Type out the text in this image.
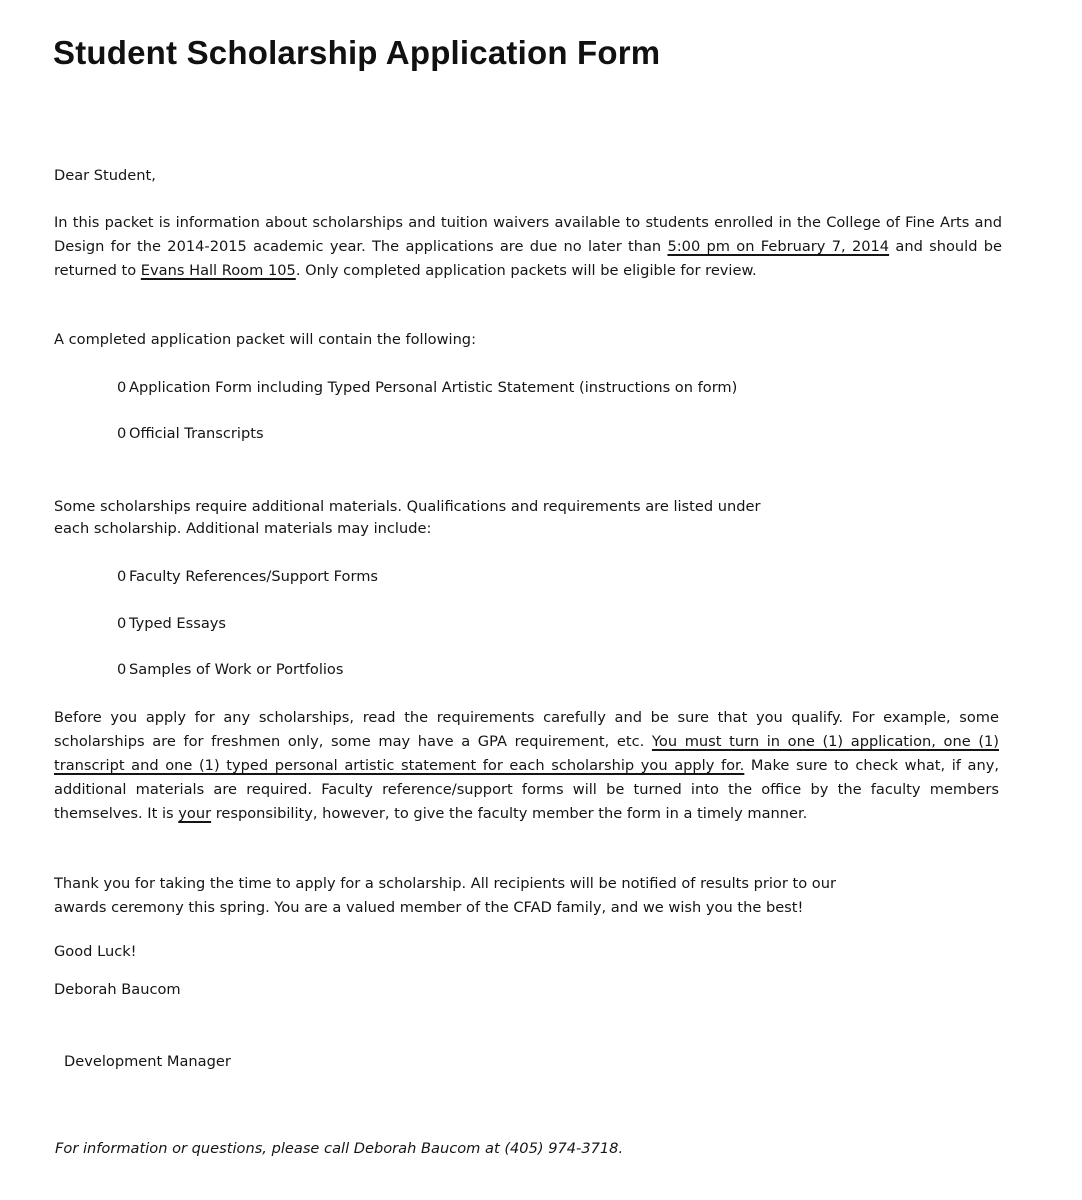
Student Scholarship Application Form

Dear Student,

In this packet is information about scholarships and tuition waivers available to students enrolled in the College of Fine Arts and Design for the 2014-2015 academic year. The applications are due no later than 5:00 pm on February 7, 2014 and should be returned to Evans Hall Room 105. Only completed application packets will be eligible for review.

A completed application packet will contain the following:

0 Application Form including Typed Personal Artistic Statement (instructions on form)
0 Official Transcripts

Some scholarships require additional materials. Qualifications and requirements are listed under

each scholarship. Additional materials may include:

0 Faculty References/Support Forms
0 Typed Essays
0 Samples of Work or Portfolios

Before you apply for any scholarships, read the requirements carefully and be sure that you qualify. For example, some scholarships are for freshmen only, some may have a GPA requirement, etc. You must turn in one (1) application, one (1) transcript and one (1) typed personal artistic statement for each scholarship you apply for. Make sure to check what, if any, additional materials are required. Faculty reference/support forms will be turned into the office by the faculty members themselves. It is your responsibility, however, to give the faculty member the form in a timely manner.

Thank you for taking the time to apply for a scholarship. All recipients will be notified of results prior to our

awards ceremony this spring. You are a valued member of the CFAD family, and we wish you the best!

Good Luck!

Deborah Baucom

Development Manager

For information or questions, please call Deborah Baucom at (405) 974-3718.
